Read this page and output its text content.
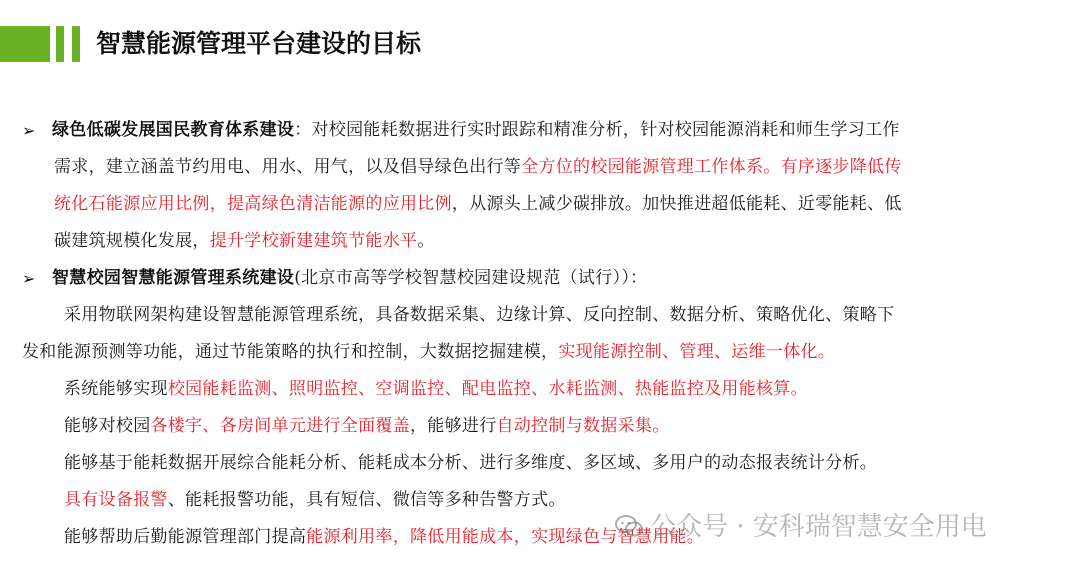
智慧能源管理平台建设的目标
➢ 绿色低碳发展国民教育体系建设：对校园能耗数据进行实时跟踪和精准分析，针对校园能源消耗和师生学习工作
需求，建立涵盖节约用电、用水、用气，以及倡导绿色出行等全方位的校园能源管理工作体系。有序逐步降低传
统化石能源应用比例，提高绿色清洁能源的应用比例，从源头上减少碳排放。加快推进超低能耗、近零能耗、低
碳建筑规模化发展，提升学校新建建筑节能水平。
➢ 智慧校园智慧能源管理系统建设(北京市高等学校智慧校园建设规范（试行））：
采用物联网架构建设智慧能源管理系统，具备数据采集、边缘计算、反向控制、数据分析、策略优化、策略下
发和能源预测等功能，通过节能策略的执行和控制，大数据挖掘建模，实现能源控制、管理、运维一体化。
系统能够实现校园能耗监测、照明监控、空调监控、配电监控、水耗监测、热能监控及用能核算。
能够对校园各楼宇、各房间单元进行全面覆盖，能够进行自动控制与数据采集。
能够基于能耗数据开展综合能耗分析、能耗成本分析、进行多维度、多区域、多用户的动态报表统计分析。
具有设备报警、能耗报警功能，具有短信、微信等多种告警方式。
能够帮助后勤能源管理部门提高能源利用率，降低用能成本，实现绿色与智慧用能。
公众号 · 安科瑞智慧安全用电
